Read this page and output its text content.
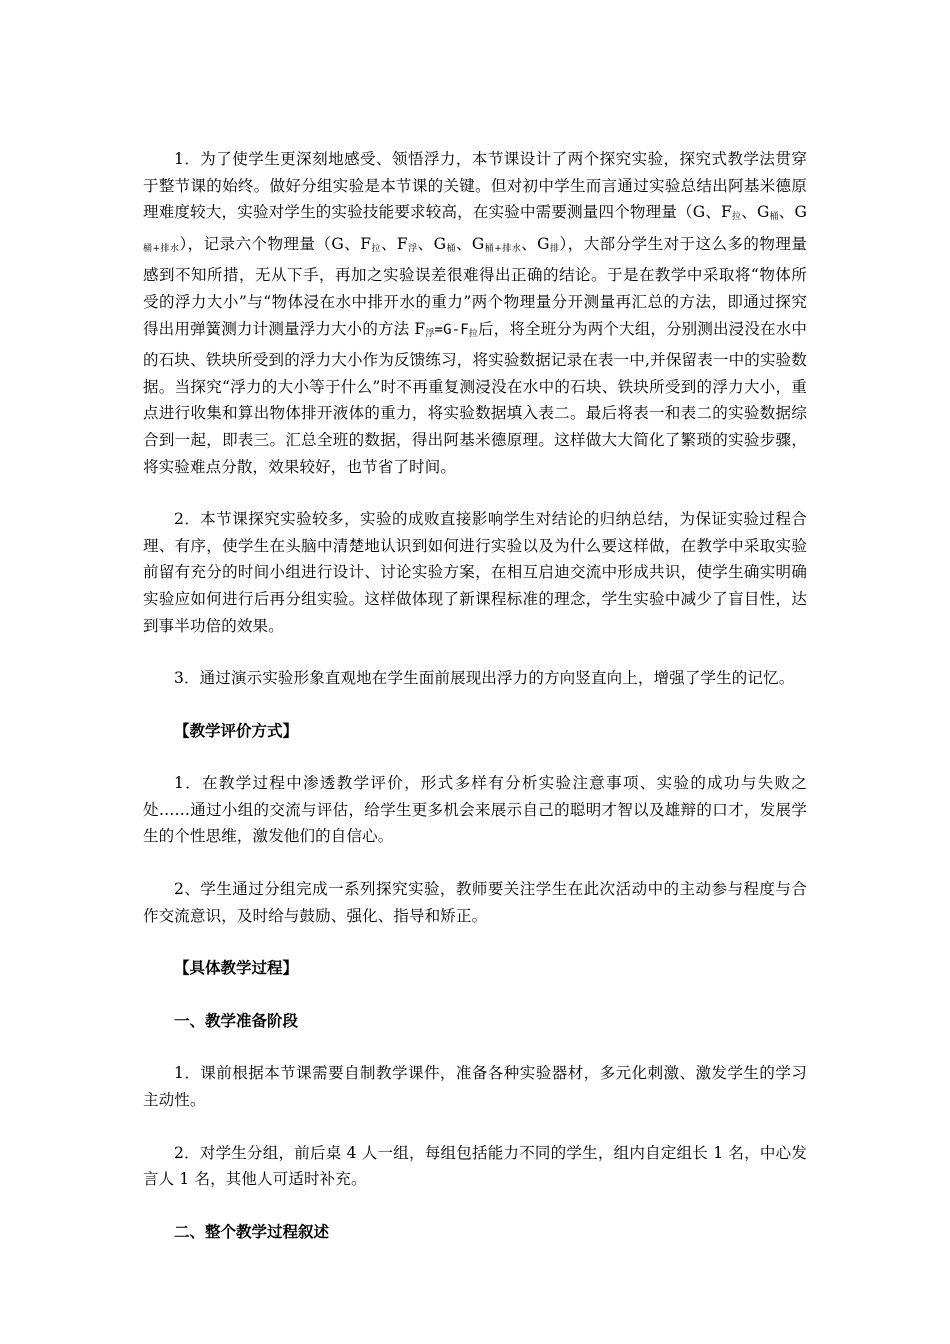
1．为了使学生更深刻地感受、领悟浮力，本节课设计了两个探究实验，探究式教学法贯穿于整节课的始终。做好分组实验是本节课的关键。但对初中学生而言通过实验总结出阿基米德原理难度较大，实验对学生的实验技能要求较高，在实验中需要测量四个物理量（G、$F_拉$、$G_桶$、$G_{桶+排水}$），记录六个物理量（G、$F_拉$、$F_浮$、$G_桶$、$G_{桶+排水}$、$G_排$），大部分学生对于这么多的物理量感到不知所措，无从下手，再加之实验误差很难得出正确的结论。于是在教学中采取将“物体所受的浮力大小”与“物体浸在水中排开水的重力”两个物理量分开测量再汇总的方法，即通过探究得出用弹簧测力计测量浮力大小的方法 $F_浮=G-F_拉$后，将全班分为两个大组，分别测出浸没在水中的石块、铁块所受到的浮力大小作为反馈练习，将实验数据记录在表一中,并保留表一中的实验数据。当探究“浮力的大小等于什么”时不再重复测浸没在水中的石块、铁块所受到的浮力大小，重点进行收集和算出物体排开液体的重力，将实验数据填入表二。最后将表一和表二的实验数据综合到一起，即表三。汇总全班的数据，得出阿基米德原理。这样做大大简化了繁琐的实验步骤，将实验难点分散，效果较好，也节省了时间。

2．本节课探究实验较多，实验的成败直接影响学生对结论的归纳总结，为保证实验过程合理、有序，使学生在头脑中清楚地认识到如何进行实验以及为什么要这样做，在教学中采取实验前留有充分的时间小组进行设计、讨论实验方案，在相互启迪交流中形成共识，使学生确实明确实验应如何进行后再分组实验。这样做体现了新课程标准的理念，学生实验中减少了盲目性，达到事半功倍的效果。

3．通过演示实验形象直观地在学生面前展现出浮力的方向竖直向上，增强了学生的记忆。

【教学评价方式】

1．在教学过程中渗透教学评价，形式多样有分析实验注意事项、实验的成功与失败之处……通过小组的交流与评估，给学生更多机会来展示自己的聪明才智以及雄辩的口才，发展学生的个性思维，激发他们的自信心。

2、学生通过分组完成一系列探究实验，教师要关注学生在此次活动中的主动参与程度与合作交流意识，及时给与鼓励、强化、指导和矫正。

【具体教学过程】

一、教学准备阶段

1．课前根据本节课需要自制教学课件，准备各种实验器材，多元化刺激、激发学生的学习主动性。

2．对学生分组，前后桌 4 人一组，每组包括能力不同的学生，组内自定组长 1 名，中心发言人 1 名，其他人可适时补充。

二、整个教学过程叙述
